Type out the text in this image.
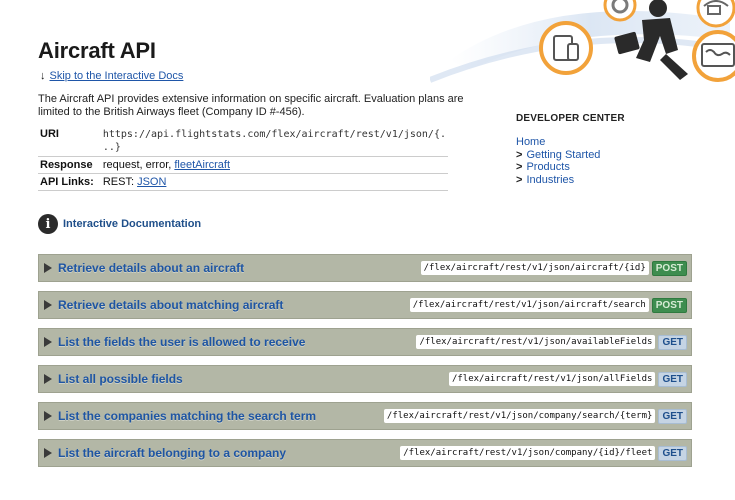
Aircraft API
↓ Skip to the Interactive Docs

The Aircraft API provides extensive information on specific aircraft. Evaluation plans are limited to the British Airways fleet (Company ID #-456).

URI	https://api.flightstats.com/flex/aircraft/rest/v1/json/{.
..}

Response	request, error, fleetAircraft
API Links:	REST: JSON
DEVELOPER CENTER
Home
> Getting Started
> Products
> Industries
i	Interactive Documentation
Retrieve details about an aircraft	/flex/aircraft/rest/v1/json/aircraft/{id}	POST
Retrieve details about matching aircraft	/flex/aircraft/rest/v1/json/aircraft/search	POST
List the fields the user is allowed to receive	/flex/aircraft/rest/v1/json/availableFields	GET
List all possible fields	/flex/aircraft/rest/v1/json/allFields	GET
List the companies matching the search term	/flex/aircraft/rest/v1/json/company/search/{term}	GET
List the aircraft belonging to a company	/flex/aircraft/rest/v1/json/company/{id}/fleet	GET
